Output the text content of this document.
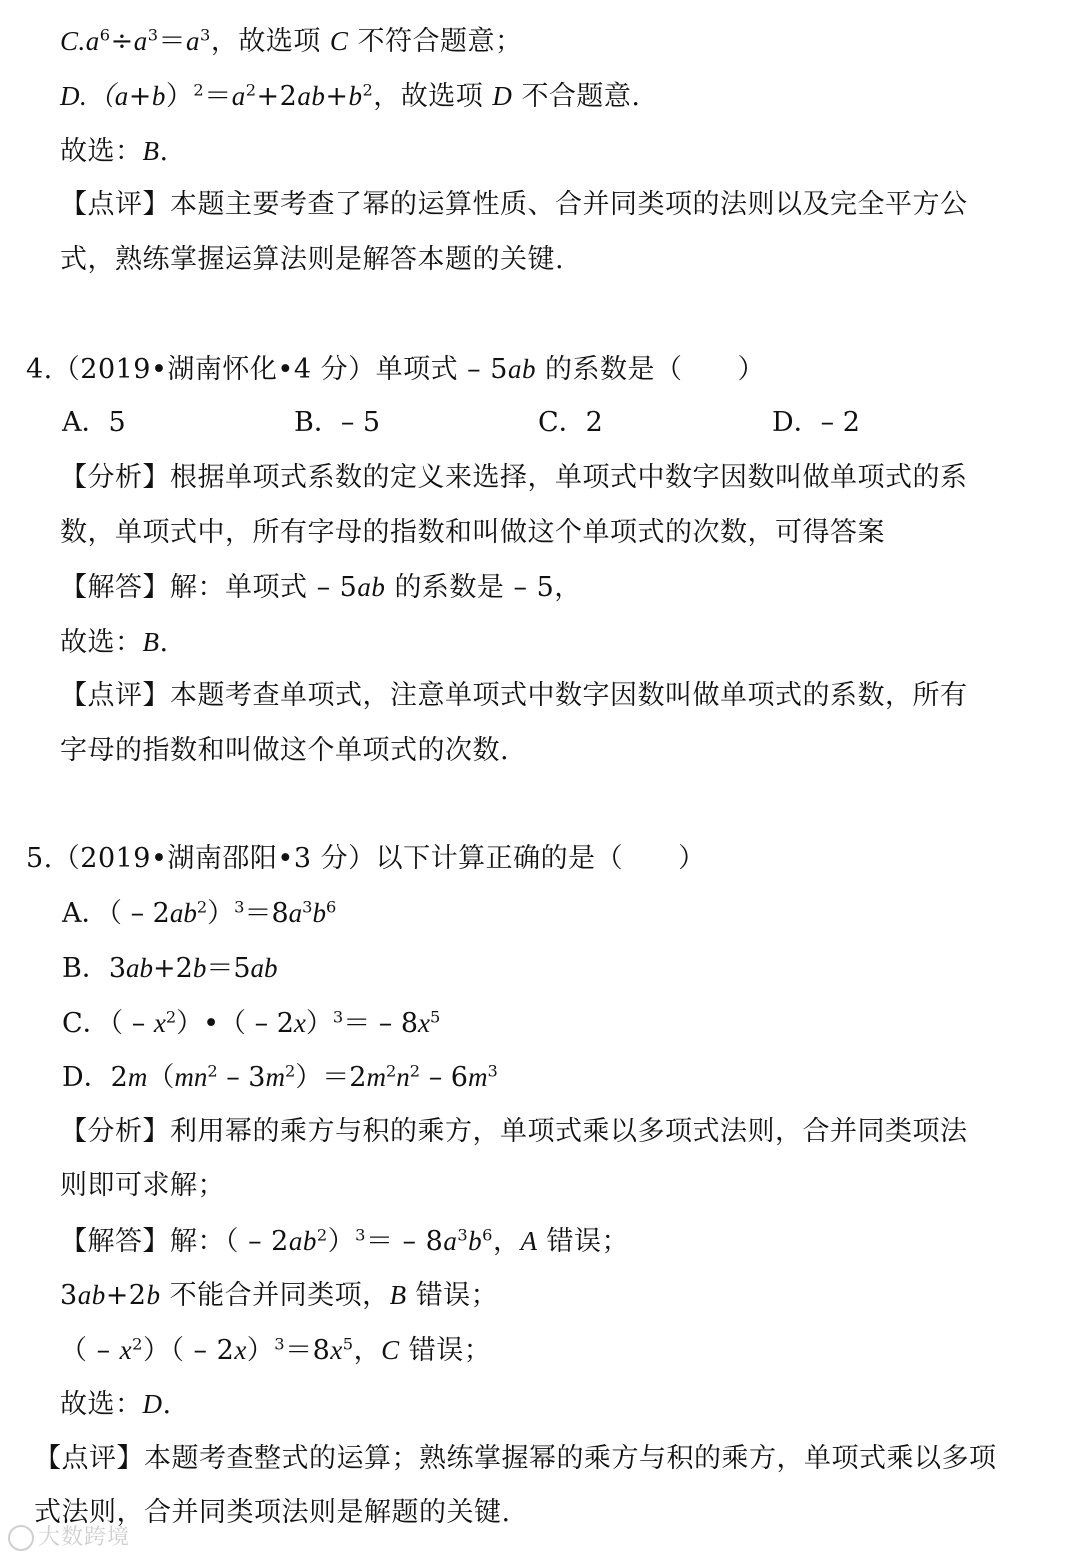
$C.a^6\div a^3=a^3$，故选项 C 不符合题意；
$D.(a+b)^2=a^2+2ab+b^2$，故选项 D 不合题意.
故选：B.
【点评】本题主要考查了幂的运算性质、合并同类项的法则以及完全平方公
式，熟练掌握运算法则是解答本题的关键.
4.（2019•湖南怀化•4 分）单项式 – 5ab 的系数是（　　）
A．5	B．– 5	C．2	D．– 2
【分析】根据单项式系数的定义来选择，单项式中数字因数叫做单项式的系
数，单项式中，所有字母的指数和叫做这个单项式的次数，可得答案
【解答】解：单项式 – 5ab 的系数是 – 5，
故选：B.
【点评】本题考查单项式，注意单项式中数字因数叫做单项式的系数，所有
字母的指数和叫做这个单项式的次数.
5.（2019•湖南邵阳•3 分）以下计算正确的是（　　）
A．（ – $2ab^2)^3=8a^3b^6$
B．3ab+2b＝5ab
C．（ – $x^2)•( - 2x)^3= - 8x^5$
D．$2m(mn^2 - 3m^2)=2m^2n^2 - 6m^3$
【分析】利用幂的乘方与积的乘方，单项式乘以多项式法则，合并同类项法
则即可求解；
【解答】解：（ – $2ab^2)^3= - 8a^3b^6$，A 错误；
3ab+2b 不能合并同类项，B 错误；
（ – $x^2)( - 2x)^3=8x^5$，C 错误；
故选：D.
【点评】本题考查整式的运算；熟练掌握幂的乘方与积的乘方，单项式乘以多项
式法则，合并同类项法则是解题的关键.
大数跨境
